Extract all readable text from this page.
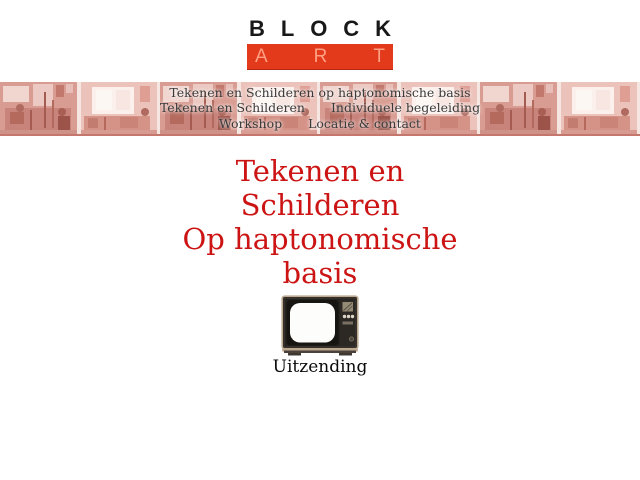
B L O C K
A R T
Tekenen en Schilderen op haptonomische basis
Tekenen en Schilderen Individuele begeleiding
Workshop Locatie & contact
Tekenen en
Schilderen
Op haptonomische
basis
Uitzending
